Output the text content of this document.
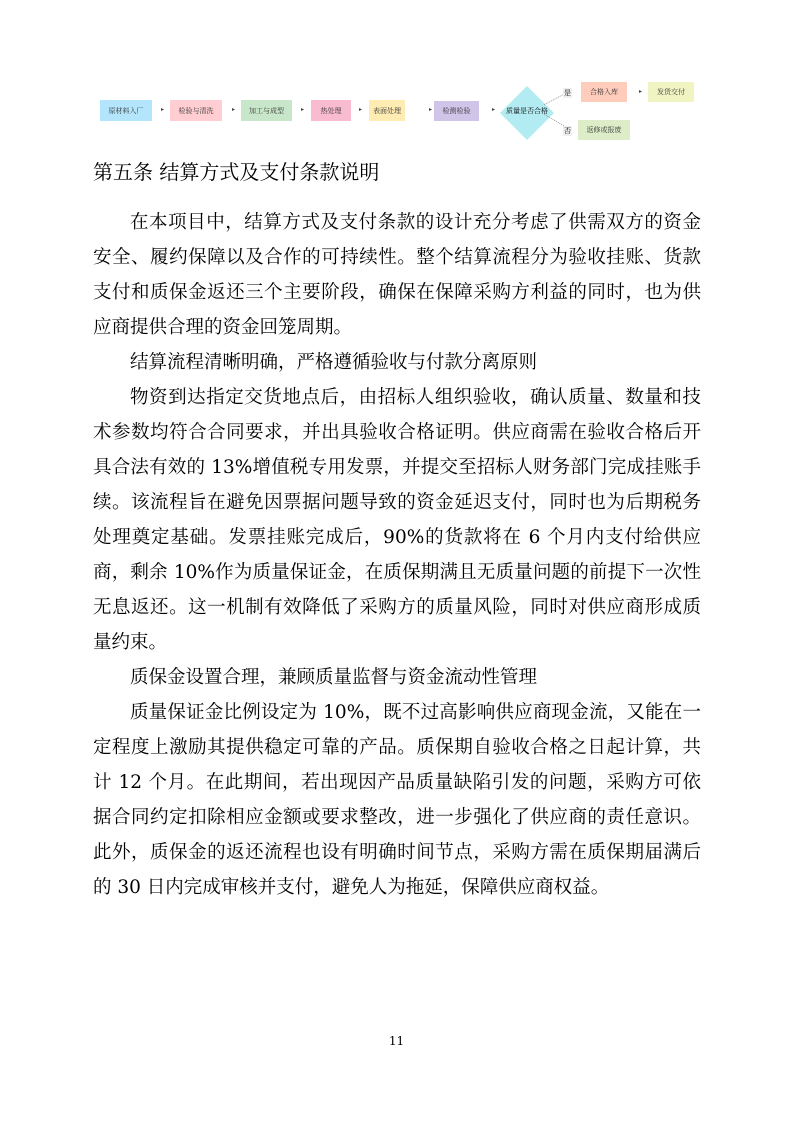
原材料入厂	▸	检验与清洗	▸	加工与成型	▸	热处理	▸	表面处理	▸	检测检验	▸	质量是否合格
是
否
合格入库	▸	发货交付
返修或报废
第五条 结算方式及支付条款说明

在本项目中，结算方式及支付条款的设计充分考虑了供需双方的资金安全、履约保障以及合作的可持续性。整个结算流程分为验收挂账、货款支付和质保金返还三个主要阶段，确保在保障采购方利益的同时，也为供应商提供合理的资金回笼周期。

结算流程清晰明确，严格遵循验收与付款分离原则

物资到达指定交货地点后，由招标人组织验收，确认质量、数量和技术参数均符合合同要求，并出具验收合格证明。供应商需在验收合格后开具合法有效的 13%增值税专用发票，并提交至招标人财务部门完成挂账手续。该流程旨在避免因票据问题导致的资金延迟支付，同时也为后期税务处理奠定基础。发票挂账完成后，90%的货款将在 6 个月内支付给供应商，剩余 10%作为质量保证金，在质保期满且无质量问题的前提下一次性无息返还。这一机制有效降低了采购方的质量风险，同时对供应商形成质量约束。

质保金设置合理，兼顾质量监督与资金流动性管理

质量保证金比例设定为 10%，既不过高影响供应商现金流，又能在一定程度上激励其提供稳定可靠的产品。质保期自验收合格之日起计算，共计 12 个月。在此期间，若出现因产品质量缺陷引发的问题，采购方可依据合同约定扣除相应金额或要求整改，进一步强化了供应商的责任意识。此外，质保金的返还流程也设有明确时间节点，采购方需在质保期届满后的 30 日内完成审核并支付，避免人为拖延，保障供应商权益。

11
